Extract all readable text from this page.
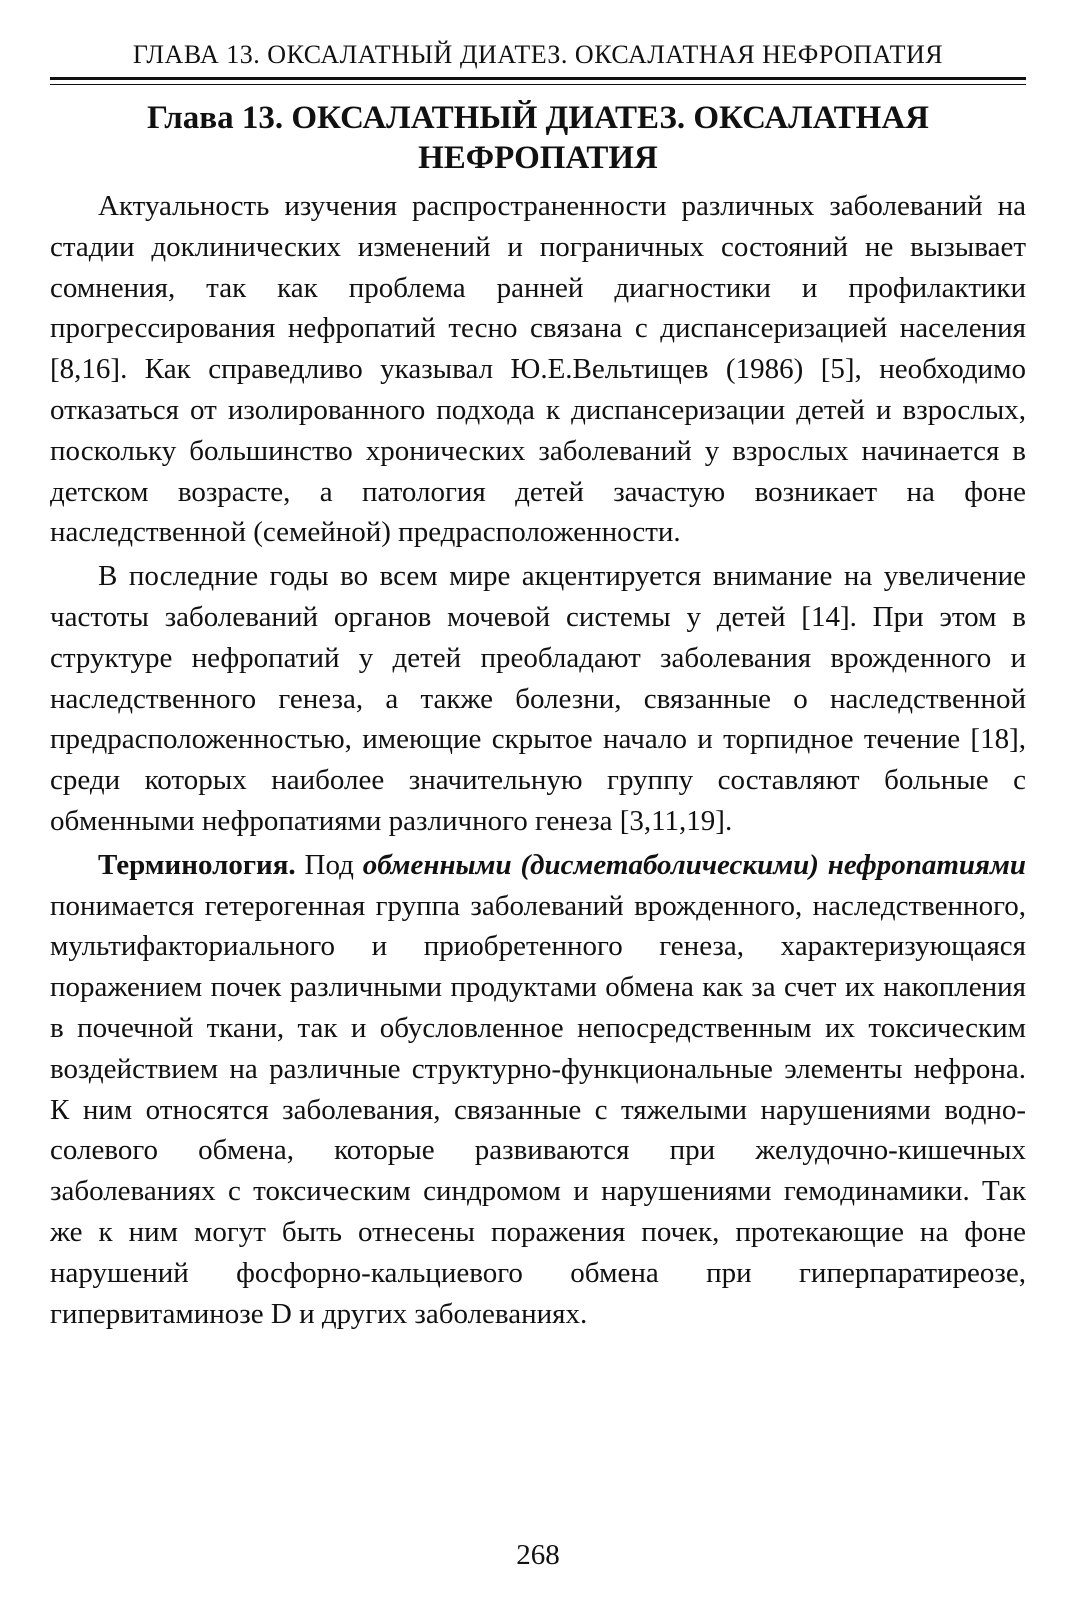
ГЛАВА 13. ОКСАЛАТНЫЙ ДИАТЕЗ. ОКСАЛАТНАЯ НЕФРОПАТИЯ
Глава 13. ОКСАЛАТНЫЙ ДИАТЕЗ. ОКСАЛАТНАЯ
НЕФРОПАТИЯ

Актуальность изучения распространенности различных заболеваний на стадии доклинических изменений и пограничных состояний не вызывает сомнения, так как проблема ранней диагностики и профилактики прогрессирования нефропатий тесно связана с диспансеризацией населения [8,16]. Как справедливо указывал Ю.Е.Вельтищев (1986) [5], необходимо отказаться от изолированного подхода к диспансеризации детей и взрослых, поскольку большинство хронических заболеваний у взрослых начинается в детском возрасте, а патология детей зачастую возникает на фоне наследственной (семейной) предрасположенности.

В последние годы во всем мире акцентируется внимание на увеличение частоты заболеваний органов мочевой системы у детей [14]. При этом в структуре нефропатий у детей преобладают заболевания врожденного и наследственного генеза, а также болезни, связанные о наследственной предрасположенностью, имеющие скрытое начало и торпидное течение [18], среди которых наиболее значительную группу составляют больные с обменными нефропатиями различного генеза [3,11,19].

Терминология. Под обменными (дисметаболическими) нефропатиями понимается гетерогенная группа заболеваний врожденного, наследственного, мультифакториального и приобретенного генеза, характеризующаяся поражением почек различными продуктами обмена как за счет их накопления в почечной ткани, так и обусловленное непосредственным их токсическим воздействием на различные структурно-функциональные элементы нефрона. К ним относятся заболевания, связанные с тяжелыми нарушениями водно-солевого обмена, которые развиваются при желудочно-кишечных заболеваниях с токсическим синдромом и нарушениями гемодинамики. Так же к ним могут быть отнесены поражения почек, протекающие на фоне нарушений фосфорно-кальциевого обмена при гиперпаратиреозе, гипервитаминозе D и других заболеваниях.

268
